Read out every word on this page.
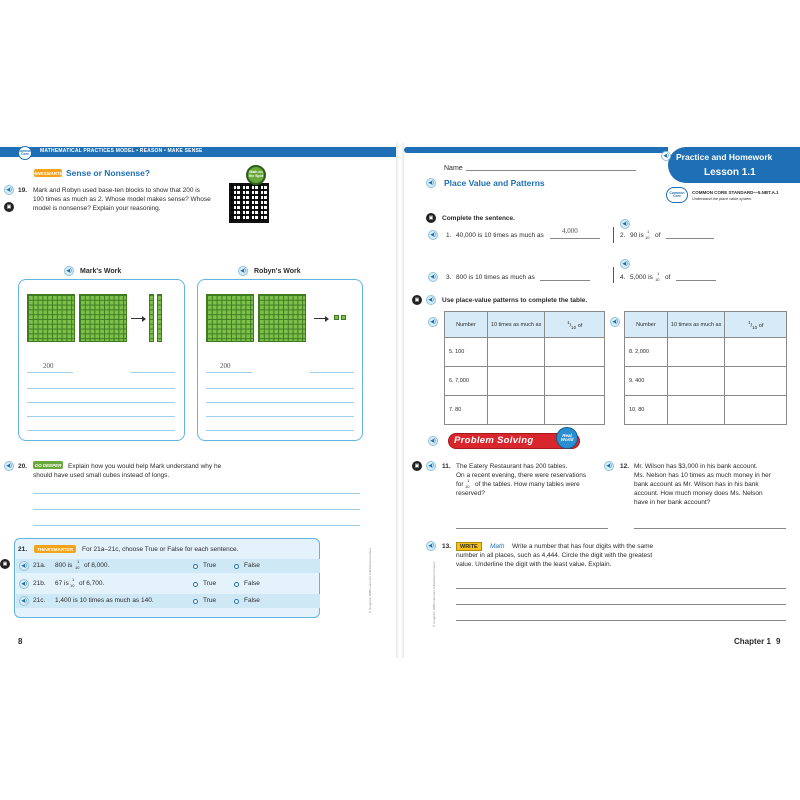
Common Core	MATHEMATICAL PRACTICES MODEL • REASON • MAKE SENSE
THINKSMARTER Sense or Nonsense?	Math on the Spot
◀)
▣
19. Mark and Robyn used base-ten blocks to show that 200 is
100 times as much as 2. Whose model makes sense? Whose
model is nonsense? Explain your reasoning.
◀)	Mark's Work
200
◀)	Robyn's Work
200
◀) 20.	GO DEEPER Explain how you would help Mark understand why he
should have used small cubes instead of longs.
21.	THINKSMARTER	For 21a–21c, choose True or False for each sentence.
▣	◀) 21a. 800 is
1
10 of 8,000.	True	False
◀) 21b. 67 is
1
10 of 6,700.	True	False
◀) 21c. 1,400 is 10 times as much as 140.	True	False	© Houghton Mifflin Harcourt Publishing Company
8
◀) Practice and Homework
Lesson 1.1
Name
◀) Place Value and Patterns
Common Core
COMMON CORE STANDARD—5.NBT.A.1
Understand the place value system.
▣	Complete the sentence.
◀)	1. 40,000 is 10 times as much as
4,000
◀)
2. 90 is
1
10 of
◀)	3. 800 is 10 times as much as
◀)
4. 5,000 is
1
10 of
▣	◀)	Use place-value patterns to complete the table.
◀)	Number	10 times as much as	$^1/_{10}$ of
5. 100		
6. 7,000		
7. 80		
◀)	Number	10 times as much as	$^1/_{10}$ of
8. 2,000		
9. 400		
10. 80		
◀) Problem Solving	Real World
▣	◀)	11. The Eatery Restaurant has 200 tables.
On a recent evening, there were reservations
for
1
10 of the tables. How many tables were
reserved?
◀)	12. Mr. Wilson has $3,000 in his bank account.
Ms. Nelson has 10 times as much money in her
bank account as Mr. Wilson has in his bank
account. How much money does Ms. Nelson
have in her bank account?
◀)	13.	WRITE	Math Write a number that has four digits with the same
number in all places, such as 4,444. Circle the digit with the greatest
value. Underline the digit with the least value. Explain.
© Houghton Mifflin Harcourt Publishing Company
Chapter 1 9
